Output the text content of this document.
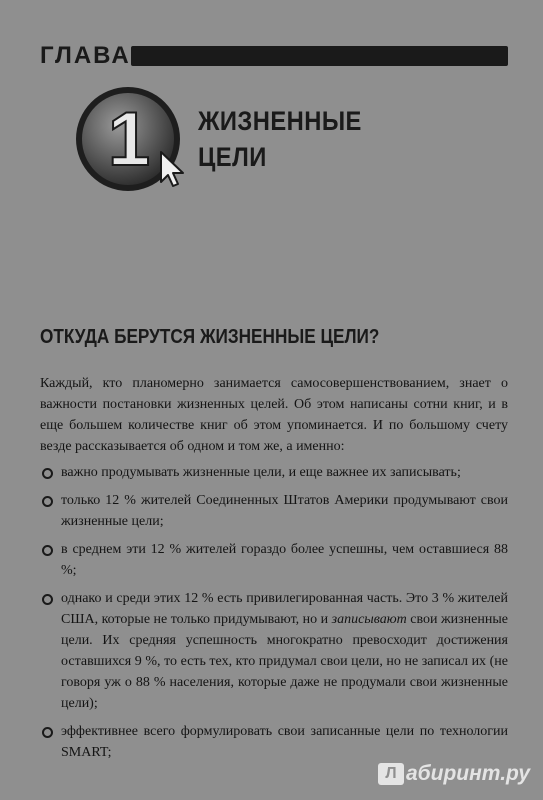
ГЛАВА
1 ЖИЗНЕННЫЕ
ЦЕЛИ
ОТКУДА БЕРУТСЯ ЖИЗНЕННЫЕ ЦЕЛИ?

Каждый, кто планомерно занимается самосовершенствованием, знает о важности постановки жизненных целей. Об этом написаны сотни книг, и в еще большем количестве книг об этом упоминается. И по большому счету везде рассказывается об одном и том же, а именно:

важно продумывать жизненные цели, и еще важнее их записывать;
только 12 % жителей Соединенных Штатов Америки продумывают свои жизненные цели;
в среднем эти 12 % жителей гораздо более успешны, чем оставшиеся 88 %;
однако и среди этих 12 % есть привилегированная часть. Это 3 % жителей США, которые не только придумывают, но и записывают свои жизненные цели. Их средняя успешность многократно превосходит достижения оставшихся 9 %, то есть тех, кто придумал свои цели, но не записал их (не говоря уж о 88 % населения, которые даже не продумали свои жизненные цели);
эффективнее всего формулировать свои записанные цели по технологии SMART;
Л абиринт.ру
